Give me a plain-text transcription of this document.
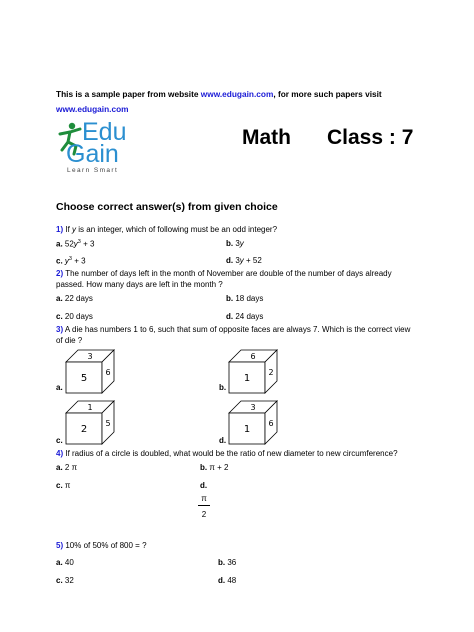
This is a sample paper from website www.edugain.com, for more such papers visit
www.edugain.com
Edu
Gain
Learn Smart
Math Class : 7
Choose correct answer(s) from given choice
1) If y is an integer, which of following must be an odd integer?
a. $52y^3 + 3$	b. 3y
c. $y^3 + 3$	d. 3y + 52
2) The number of days left in the month of November are double of the number of days already
passed. How many days are left in the month ?
a. 22 days	b. 18 days
c. 20 days	d. 24 days
3) A die has numbers 1 to 6, such that sum of opposite faces are always 7. Which is the correct view
of die ?
a.
3
5
6
b.
6
1
2
c.
1
2
5
d.
3
1
6
4) If radius of a circle is doubled, what would be the ratio of new diameter to new circumference?
a. 2 π	b. π + 2
c. π	d.
π
2
5) 10% of 50% of 800 = ?
a. 40	b. 36
c. 32	d. 48
